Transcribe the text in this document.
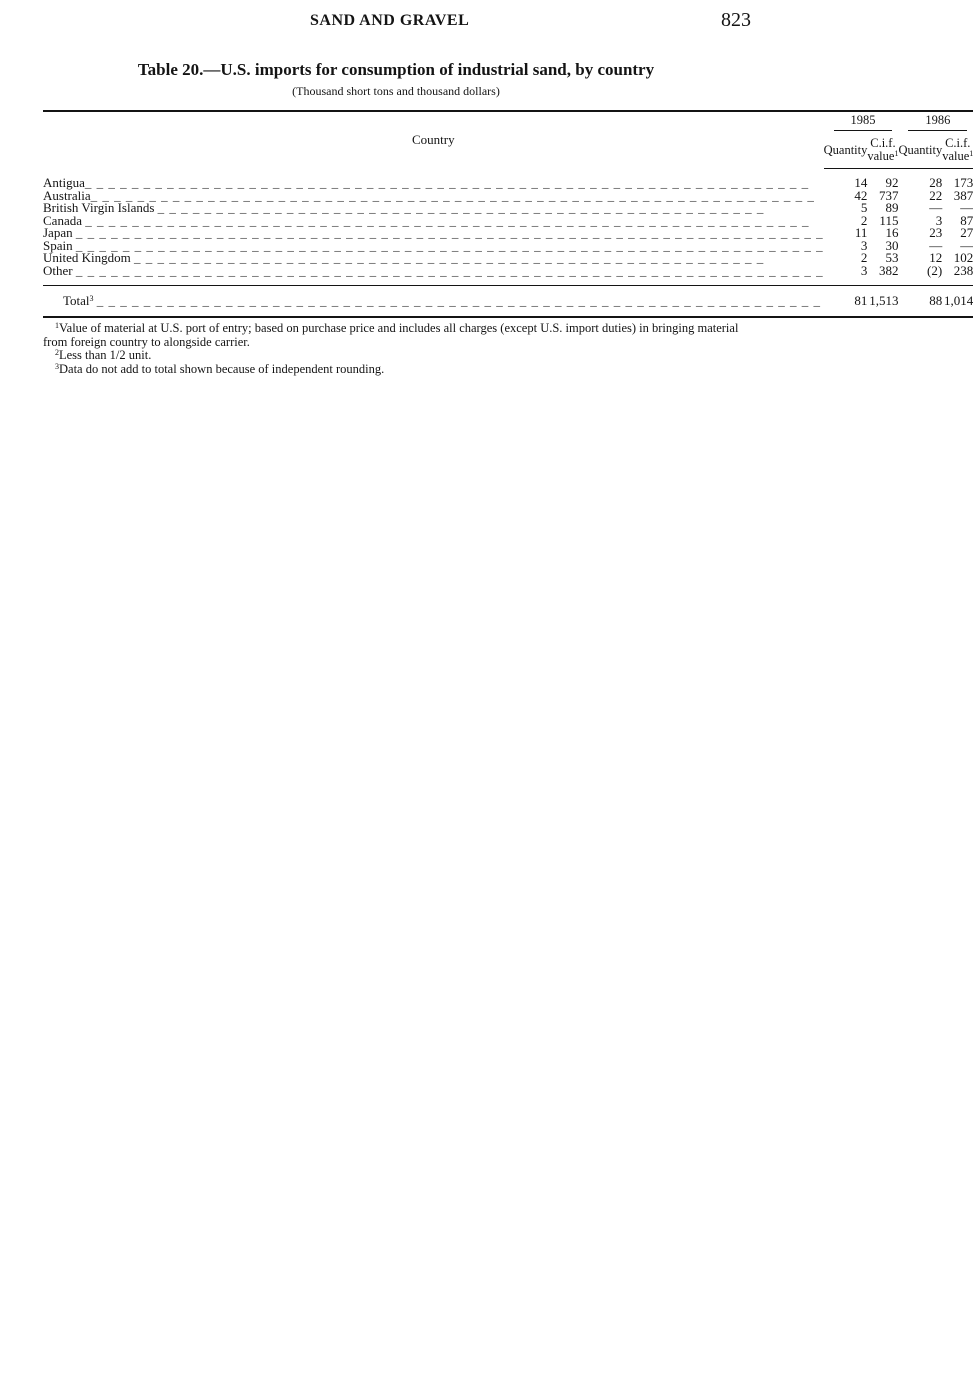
SAND AND GRAVEL	823
Table 20.—U.S. imports for consumption of industrial sand, by country
(Thousand short tons and thousand dollars)
Country	1985		1986	

	Quantity	C.i.f.
value$^1$	Quantity	C.i.f.
value$^1$

Antigua_ _ _ _ _ _ _ _ _ _ _ _ _ _ _ _ _ _ _ _ _ _ _ _ _ _ _ _ _ _ _ _ _ _ _ _ _ _ _ _ _ _ _ _ _ _ _ _ _ _ _ _ _ _ _ _ _ _ _ _ _ _	14	92	28	173
Australia_ _ _ _ _ _ _ _ _ _ _ _ _ _ _ _ _ _ _ _ _ _ _ _ _ _ _ _ _ _ _ _ _ _ _ _ _ _ _ _ _ _ _ _ _ _ _ _ _ _ _ _ _ _ _ _ _ _ _ _ _ _	42	737	22	387
British Virgin Islands _ _ _ _ _ _ _ _ _ _ _ _ _ _ _ _ _ _ _ _ _ _ _ _ _ _ _ _ _ _ _ _ _ _ _ _ _ _ _ _ _ _ _ _ _ _ _ _ _ _ _ _	5	89	—	—
Canada _ _ _ _ _ _ _ _ _ _ _ _ _ _ _ _ _ _ _ _ _ _ _ _ _ _ _ _ _ _ _ _ _ _ _ _ _ _ _ _ _ _ _ _ _ _ _ _ _ _ _ _ _ _ _ _ _ _ _ _ _ _	2	115	3	87
Japan _ _ _ _ _ _ _ _ _ _ _ _ _ _ _ _ _ _ _ _ _ _ _ _ _ _ _ _ _ _ _ _ _ _ _ _ _ _ _ _ _ _ _ _ _ _ _ _ _ _ _ _ _ _ _ _ _ _ _ _ _ _ _ _	11	16	23	27
Spain _ _ _ _ _ _ _ _ _ _ _ _ _ _ _ _ _ _ _ _ _ _ _ _ _ _ _ _ _ _ _ _ _ _ _ _ _ _ _ _ _ _ _ _ _ _ _ _ _ _ _ _ _ _ _ _ _ _ _ _ _ _ _ _	3	30	—	—
United Kingdom _ _ _ _ _ _ _ _ _ _ _ _ _ _ _ _ _ _ _ _ _ _ _ _ _ _ _ _ _ _ _ _ _ _ _ _ _ _ _ _ _ _ _ _ _ _ _ _ _ _ _ _ _ _	2	53	12	102
Other _ _ _ _ _ _ _ _ _ _ _ _ _ _ _ _ _ _ _ _ _ _ _ _ _ _ _ _ _ _ _ _ _ _ _ _ _ _ _ _ _ _ _ _ _ _ _ _ _ _ _ _ _ _ _ _ _ _ _ _ _ _ _ _	3	382	(2)	238

Total$^3$ _ _ _ _ _ _ _ _ _ _ _ _ _ _ _ _ _ _ _ _ _ _ _ _ _ _ _ _ _ _ _ _ _ _ _ _ _ _ _ _ _ _ _ _ _ _ _ _ _ _ _ _ _ _ _ _ _ _ _ _ _ _	81	1,513	88	1,014

$^1$Value of material at U.S. port of entry; based on purchase price and includes all charges (except U.S. import duties) in bringing material from foreign country to alongside carrier.

$^2$Less than 1/2 unit.

$^3$Data do not add to total shown because of independent rounding.
